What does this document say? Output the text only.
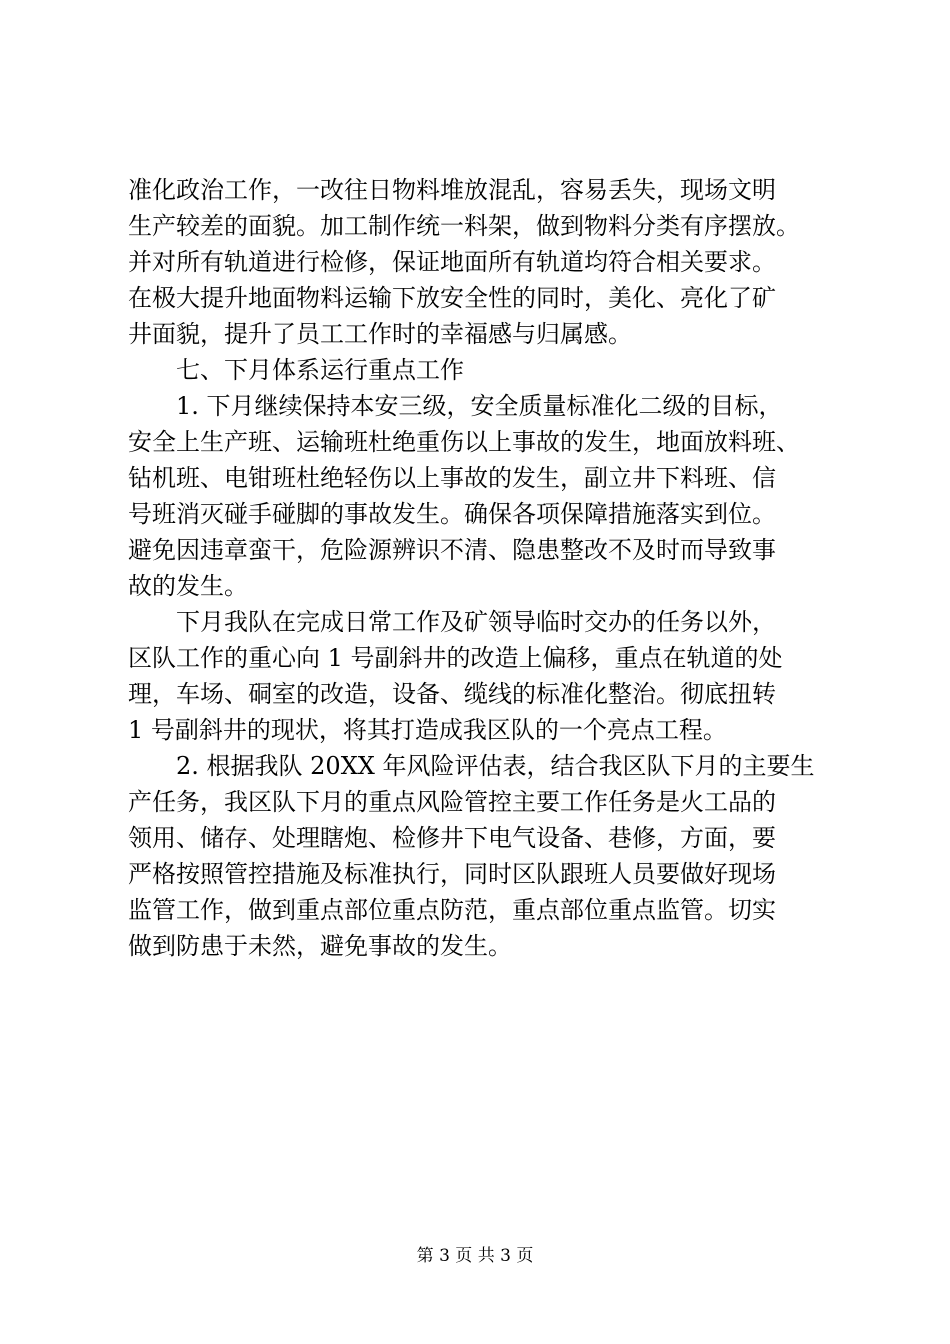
准化政治工作，一改往日物料堆放混乱，容易丢失，现场文明
生产较差的面貌。加工制作统一料架，做到物料分类有序摆放。
并对所有轨道进行检修，保证地面所有轨道均符合相关要求。
在极大提升地面物料运输下放安全性的同时，美化、亮化了矿
井面貌，提升了员工工作时的幸福感与归属感。
七、下月体系运行重点工作
1. 下月继续保持本安三级，安全质量标准化二级的目标，
安全上生产班、运输班杜绝重伤以上事故的发生，地面放料班、
钻机班、电钳班杜绝轻伤以上事故的发生，副立井下料班、信
号班消灭碰手碰脚的事故发生。确保各项保障措施落实到位。
避免因违章蛮干，危险源辨识不清、隐患整改不及时而导致事
故的发生。
下月我队在完成日常工作及矿领导临时交办的任务以外，
区队工作的重心向 1 号副斜井的改造上偏移，重点在轨道的处
理，车场、硐室的改造，设备、缆线的标准化整治。彻底扭转
1 号副斜井的现状，将其打造成我区队的一个亮点工程。
2. 根据我队 20XX 年风险评估表，结合我区队下月的主要生
产任务，我区队下月的重点风险管控主要工作任务是火工品的
领用、储存、处理瞎炮、检修井下电气设备、巷修，方面，要
严格按照管控措施及标准执行，同时区队跟班人员要做好现场
监管工作，做到重点部位重点防范，重点部位重点监管。切实
做到防患于未然，避免事故的发生。
第 3 页 共 3 页
